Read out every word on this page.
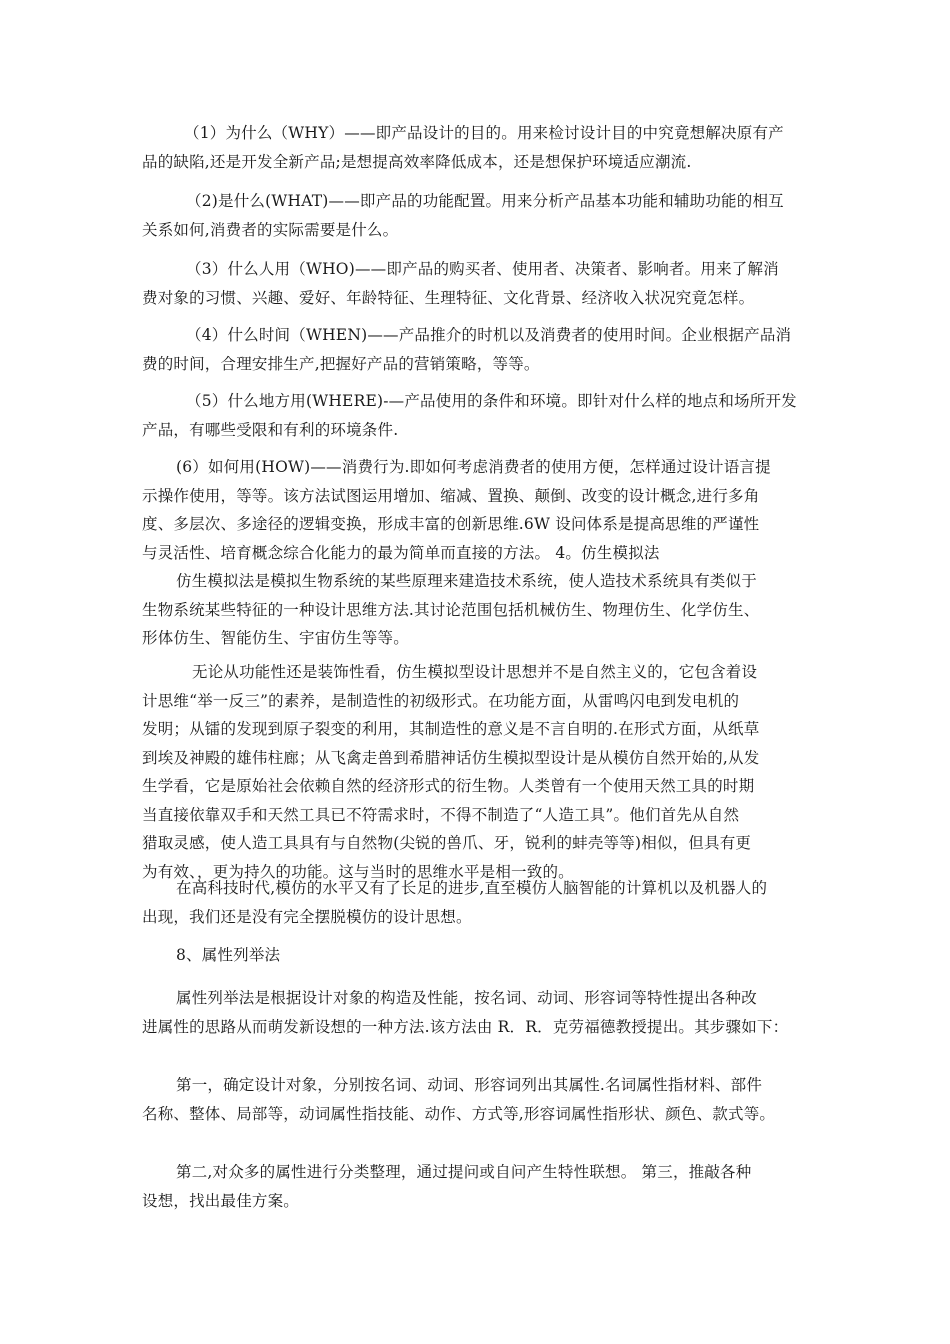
（1）为什么（WHY）——即产品设计的目的。用来检讨设计目的中究竟想解决原有产
品的缺陷,还是开发全新产品;是想提高效率降低成本，还是想保护环境适应潮流.
（2)是什么(WHAT)——即产品的功能配置。用来分析产品基本功能和辅助功能的相互
关系如何,消费者的实际需要是什么。
（3）什么人用（WHO)——即产品的购买者、使用者、决策者、影响者。用来了解消
费对象的习惯、兴趣、爱好、年龄特征、生理特征、文化背景、经济收入状况究竟怎样。
（4）什么时间（WHEN)——产品推介的时机以及消费者的使用时间。企业根据产品消
费的时间，合理安排生产,把握好产品的营销策略，等等。
（5）什么地方用(WHERE)-—产品使用的条件和环境。即针对什么样的地点和场所开发
产品，有哪些受限和有利的环境条件.
(6）如何用(HOW)——消费行为.即如何考虑消费者的使用方便，怎样通过设计语言提
示操作使用，等等。该方法试图运用增加、缩减、置换、颠倒、改变的设计概念,进行多角
度、多层次、多途径的逻辑变换，形成丰富的创新思维.6W 设问体系是提高思维的严谨性
与灵活性、培育概念综合化能力的最为简单而直接的方法。 4。仿生模拟法
仿生模拟法是模拟生物系统的某些原理来建造技术系统，使人造技术系统具有类似于
生物系统某些特征的一种设计思维方法.其讨论范围包括机械仿生、物理仿生、化学仿生、
形体仿生、智能仿生、宇宙仿生等等。
无论从功能性还是装饰性看，仿生模拟型设计思想并不是自然主义的，它包含着设
计思维“举一反三”的素养，是制造性的初级形式。在功能方面，从雷鸣闪电到发电机的
发明；从镭的发现到原子裂变的利用，其制造性的意义是不言自明的.在形式方面，从纸草
到埃及神殿的雄伟柱廊；从飞禽走兽到希腊神话仿生模拟型设计是从模仿自然开始的,从发
生学看，它是原始社会依赖自然的经济形式的衍生物。人类曾有一个使用天然工具的时期
当直接依靠双手和天然工具已不符需求时，不得不制造了“人造工具”。他们首先从自然
猎取灵感，使人造工具具有与自然物(尖锐的兽爪、牙，锐利的蚌壳等等)相似，但具有更
为有效、，更为持久的功能。这与当时的思维水平是相一致的。
在高科技时代,模仿的水平又有了长足的进步,直至模仿人脑智能的计算机以及机器人的
出现，我们还是没有完全摆脱模仿的设计思想。
8、属性列举法
属性列举法是根据设计对象的构造及性能，按名词、动词、形容词等特性提出各种改
进属性的思路从而萌发新设想的一种方法.该方法由 R．R．克劳福德教授提出。其步骤如下：
第一，确定设计对象，分别按名词、动词、形容词列出其属性.名词属性指材料、部件
名称、整体、局部等，动词属性指技能、动作、方式等,形容词属性指形状、颜色、款式等。
第二,对众多的属性进行分类整理，通过提问或自问产生特性联想。 第三，推敲各种
设想，找出最佳方案。
